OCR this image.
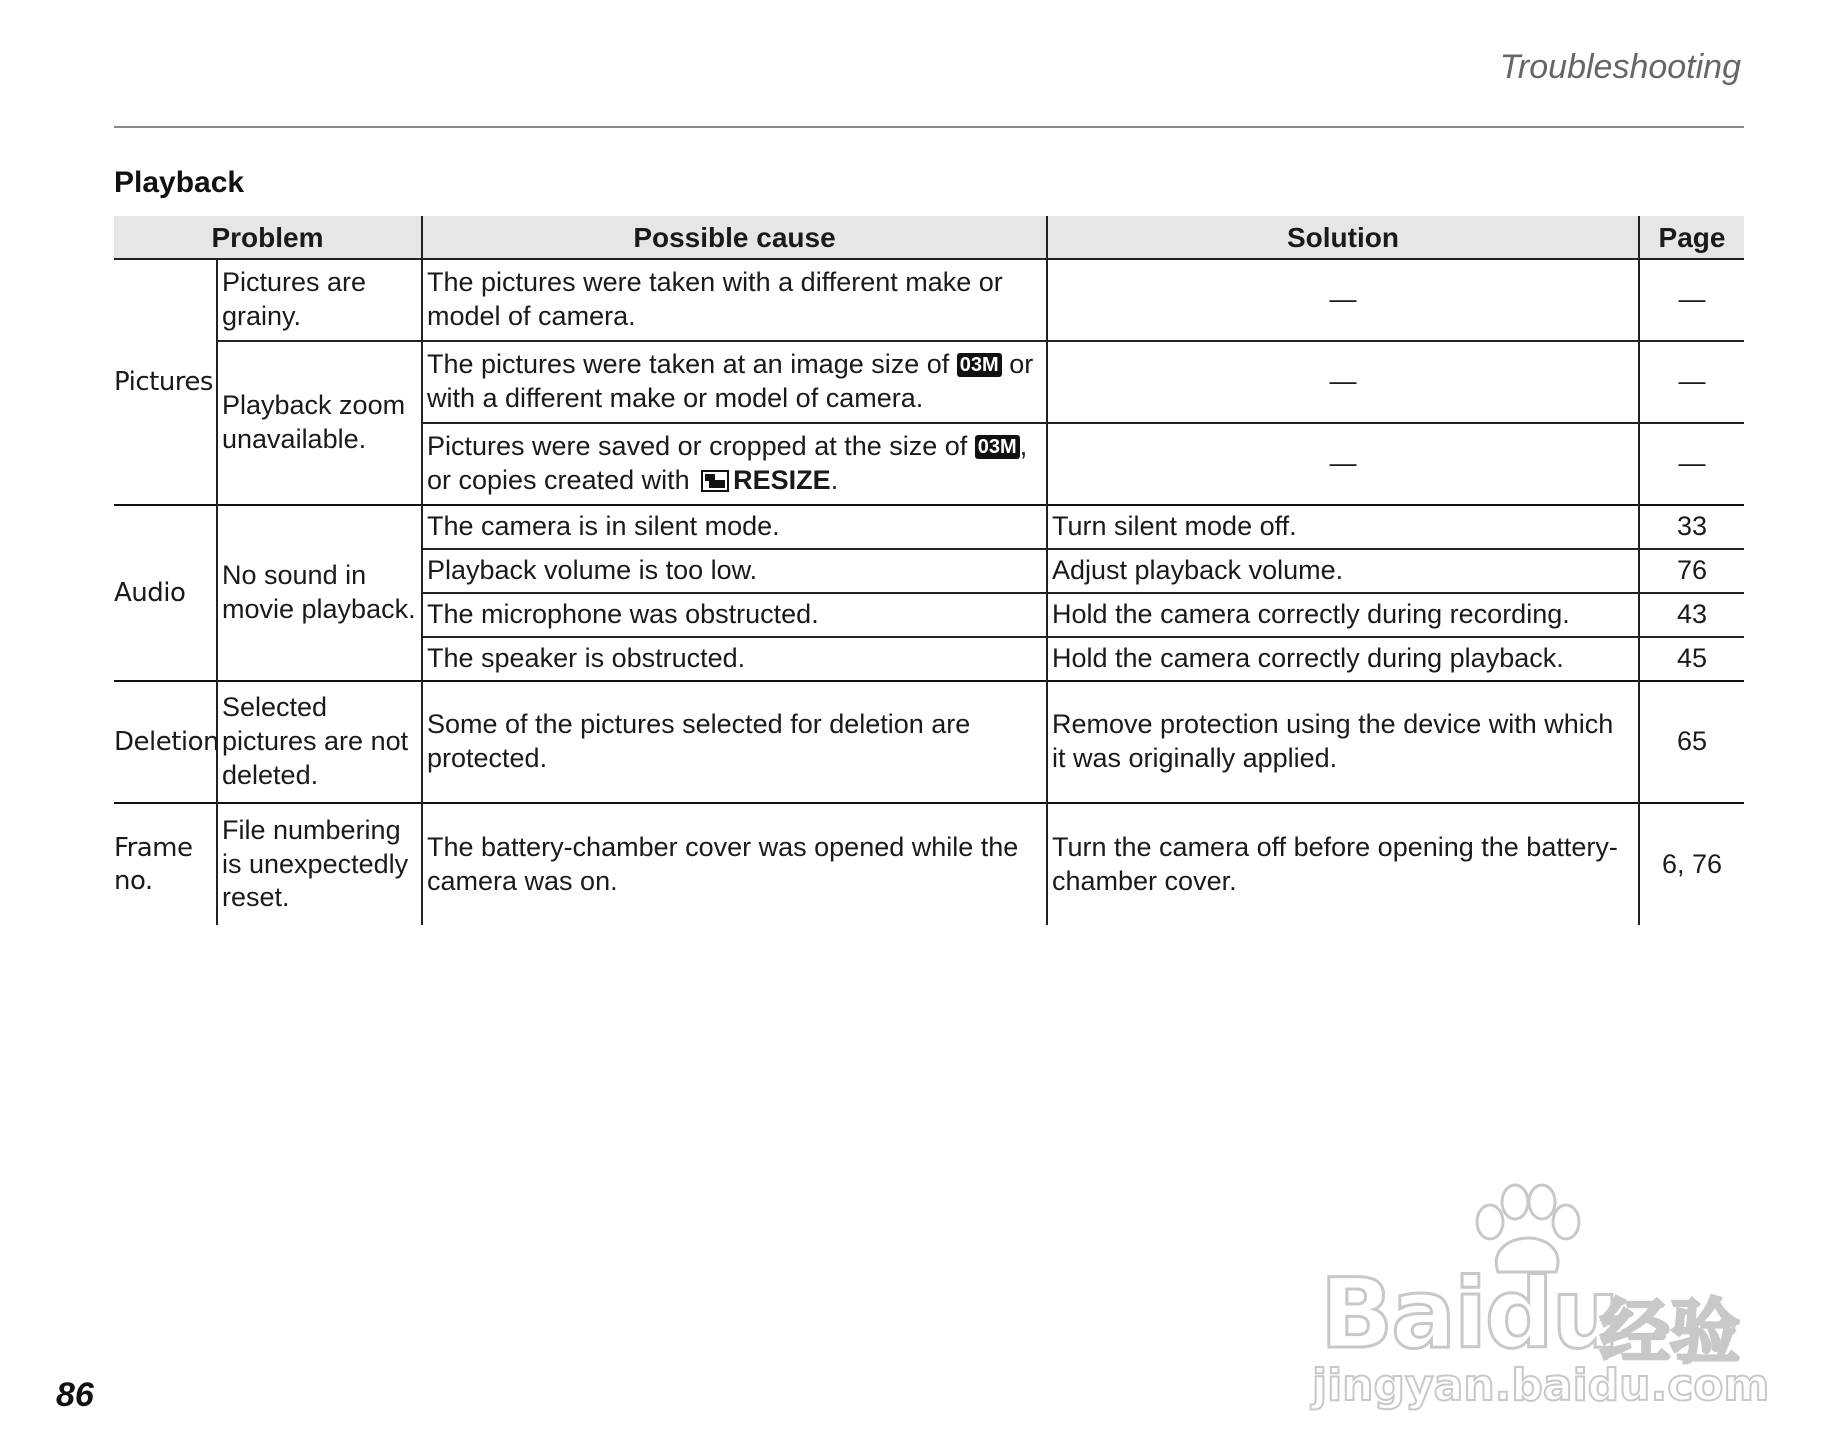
Troubleshooting
Playback
Problem		Possible cause	Solution	Page
Pictures	Pictures are grainy.	The pictures were taken with a different make or model of camera.	—	—
	Playback zoom unavailable.	The pictures were taken at an image size of 03M or with a different make or model of camera.	—	—
		Pictures were saved or cropped at the size of 03M , or copies created with RESIZE.	—	—
Audio	No sound in movie playback.	The camera is in silent mode.	Turn silent mode off.	33
		Playback volume is too low.	Adjust playback volume.	76
		The microphone was obstructed.	Hold the camera correctly during recording.	43
		The speaker is obstructed.	Hold the camera correctly during playback.	45
Deletion	Selected pictures are not deleted.	Some of the pictures selected for deletion are protected.	Remove protection using the device with which it was originally applied.	65
Frame no.	File numbering is unexpectedly reset.	The battery-chamber cover was opened while the camera was on.	Turn the camera off before opening the battery-chamber cover.	6, 76
86
Baidu
经验
jingyan.baidu.com
